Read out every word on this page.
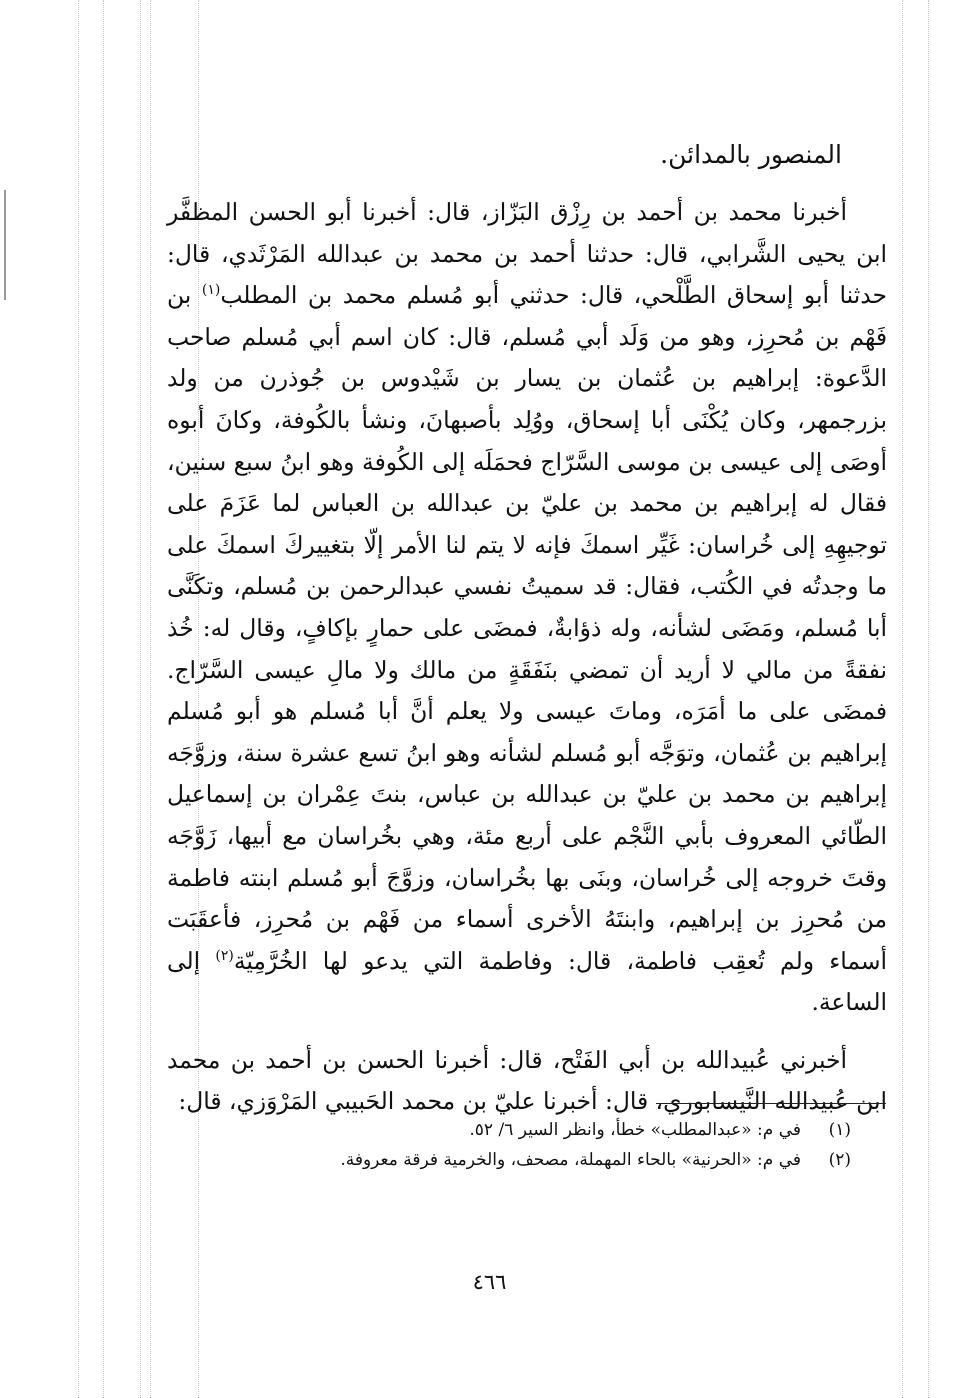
المنصور بالمدائن.

أخبرنا محمد بن أحمد بن رِزْق البَزّاز، قال: أخبرنا أبو الحسن المظفَّر ابن يحيى الشَّرابي، قال: حدثنا أحمد بن محمد بن عبدالله المَرْثَدي، قال: حدثنا أبو إسحاق الطَّلْحي، قال: حدثني أبو مُسلم محمد بن المطلب$^{(١)}$ بن فَهْم بن مُحرِز، وهو من وَلَد أبي مُسلم، قال: كان اسم أبي مُسلم صاحب الدَّعوة: إبراهيم بن عُثمان بن يسار بن شَيْدوس بن جُوذرن من ولد بزرجمهر، وكان يُكْنَى أبا إسحاق، ووُلِد بأصبهانَ، ونشأ بالكُوفة، وكانَ أبوه أوصَى إلى عيسى بن موسى السَّرّاج فحمَلَه إلى الكُوفة وهو ابنُ سبع سنين، فقال له إبراهيم بن محمد بن عليّ بن عبدالله بن العباس لما عَزَمَ على توجيهِهِ إلى خُراسان: غَيِّر اسمكَ فإنه لا يتم لنا الأمر إلّا بتغييركَ اسمكَ على ما وجدتُه في الكُتب، فقال: قد سميتُ نفسي عبدالرحمن بن مُسلم، وتكَنَّى أبا مُسلم، ومَضَى لشأنه، وله ذؤابةٌ، فمضَى على حمارٍ بإكافٍ، وقال له: خُذ نفقةً من مالي لا أريد أن تمضي بنَفَقَةٍ من مالك ولا مالِ عيسى السَّرّاج. فمضَى على ما أمَرَه، وماتَ عيسى ولا يعلم أنَّ أبا مُسلم هو أبو مُسلم إبراهيم بن عُثمان، وتوَجَّه أبو مُسلم لشأنه وهو ابنُ تسع عشرة سنة، وزوَّجَه إبراهيم بن محمد بن عليّ بن عبدالله بن عباس، بنتَ عِمْران بن إسماعيل الطّائي المعروف بأبي النَّجْم على أربع مئة، وهي بخُراسان مع أبيها، زَوَّجَه وقتَ خروجه إلى خُراسان، وبنَى بها بخُراسان، وزوَّجَ أبو مُسلم ابنته فاطمة من مُحرِز بن إبراهيم، وابنتَهُ الأخرى أسماء من فَهْم بن مُحرِز، فأعقَبَت أسماء ولم تُعقِب فاطمة، قال: وفاطمة التي يدعو لها الخُرَّمِيّة$^{(٢)}$ إلى الساعة.

أخبرني عُبيدالله بن أبي الفَتْح، قال: أخبرنا الحسن بن أحمد بن محمد ابن عُبيدالله النَّيسابوري، قال: أخبرنا عليّ بن محمد الحَبيبي المَرْوَزي، قال:

(١)
في م: «عبدالمطلب» خطأ، وانظر السير ٦/ ٥٢.
(٢)
في م: «الحرنية» بالحاء المهملة، مصحف، والخرمية فرقة معروفة.
٤٦٦
